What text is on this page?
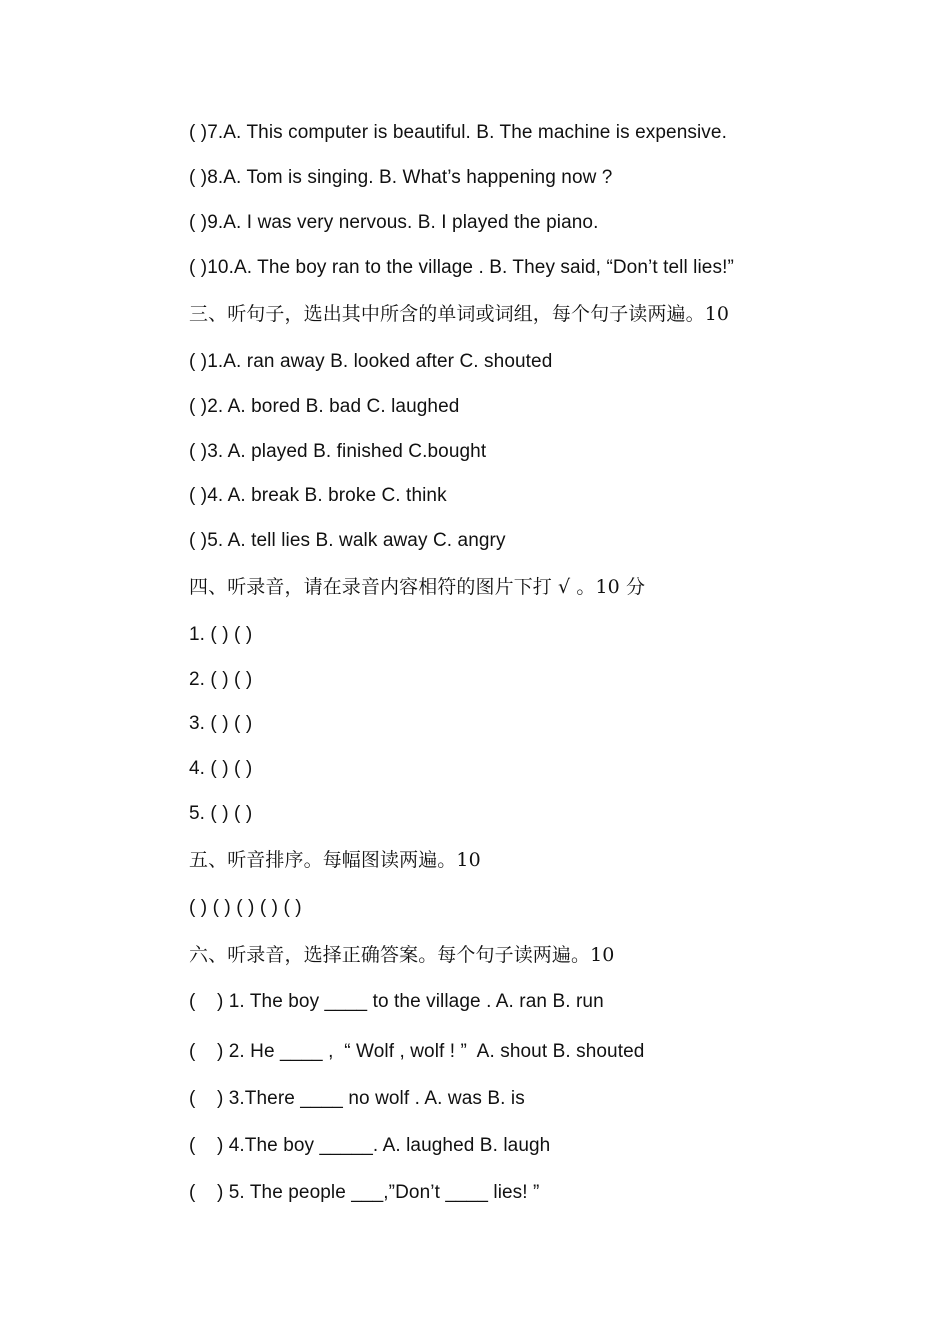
( )7.A. This computer is beautiful. B. The machine is expensive.
( )8.A. Tom is singing. B. What’s happening now ?
( )9.A. I was very nervous. B. I played the piano.
( )10.A. The boy ran to the village . B. They said, “Don’t tell lies!”
三、听句子，选出其中所含的单词或词组，每个句子读两遍。10
( )1.A. ran away B. looked after C. shouted
( )2. A. bored B. bad C. laughed
( )3. A. played B. finished C.bought
( )4. A. break B. broke C. think
( )5. A. tell lies B. walk away C. angry
四、听录音，请在录音内容相符的图片下打 √ 。10 分
1. ( ) ( )
2. ( ) ( )
3. ( ) ( )
4. ( ) ( )
5. ( ) ( )
五、听音排序。每幅图读两遍。10
( ) ( ) ( ) ( ) ( )
六、听录音，选择正确答案。每个句子读两遍。10
(    ) 1. The boy ____ to the village . A. ran B. run
(    ) 2. He ____ ,  “ Wolf , wolf ! ”  A. shout B. shouted
(    ) 3.There ____ no wolf . A. was B. is
(    ) 4.The boy _____. A. laughed B. laugh
(    ) 5. The people ___,”Don’t ____ lies! ”
